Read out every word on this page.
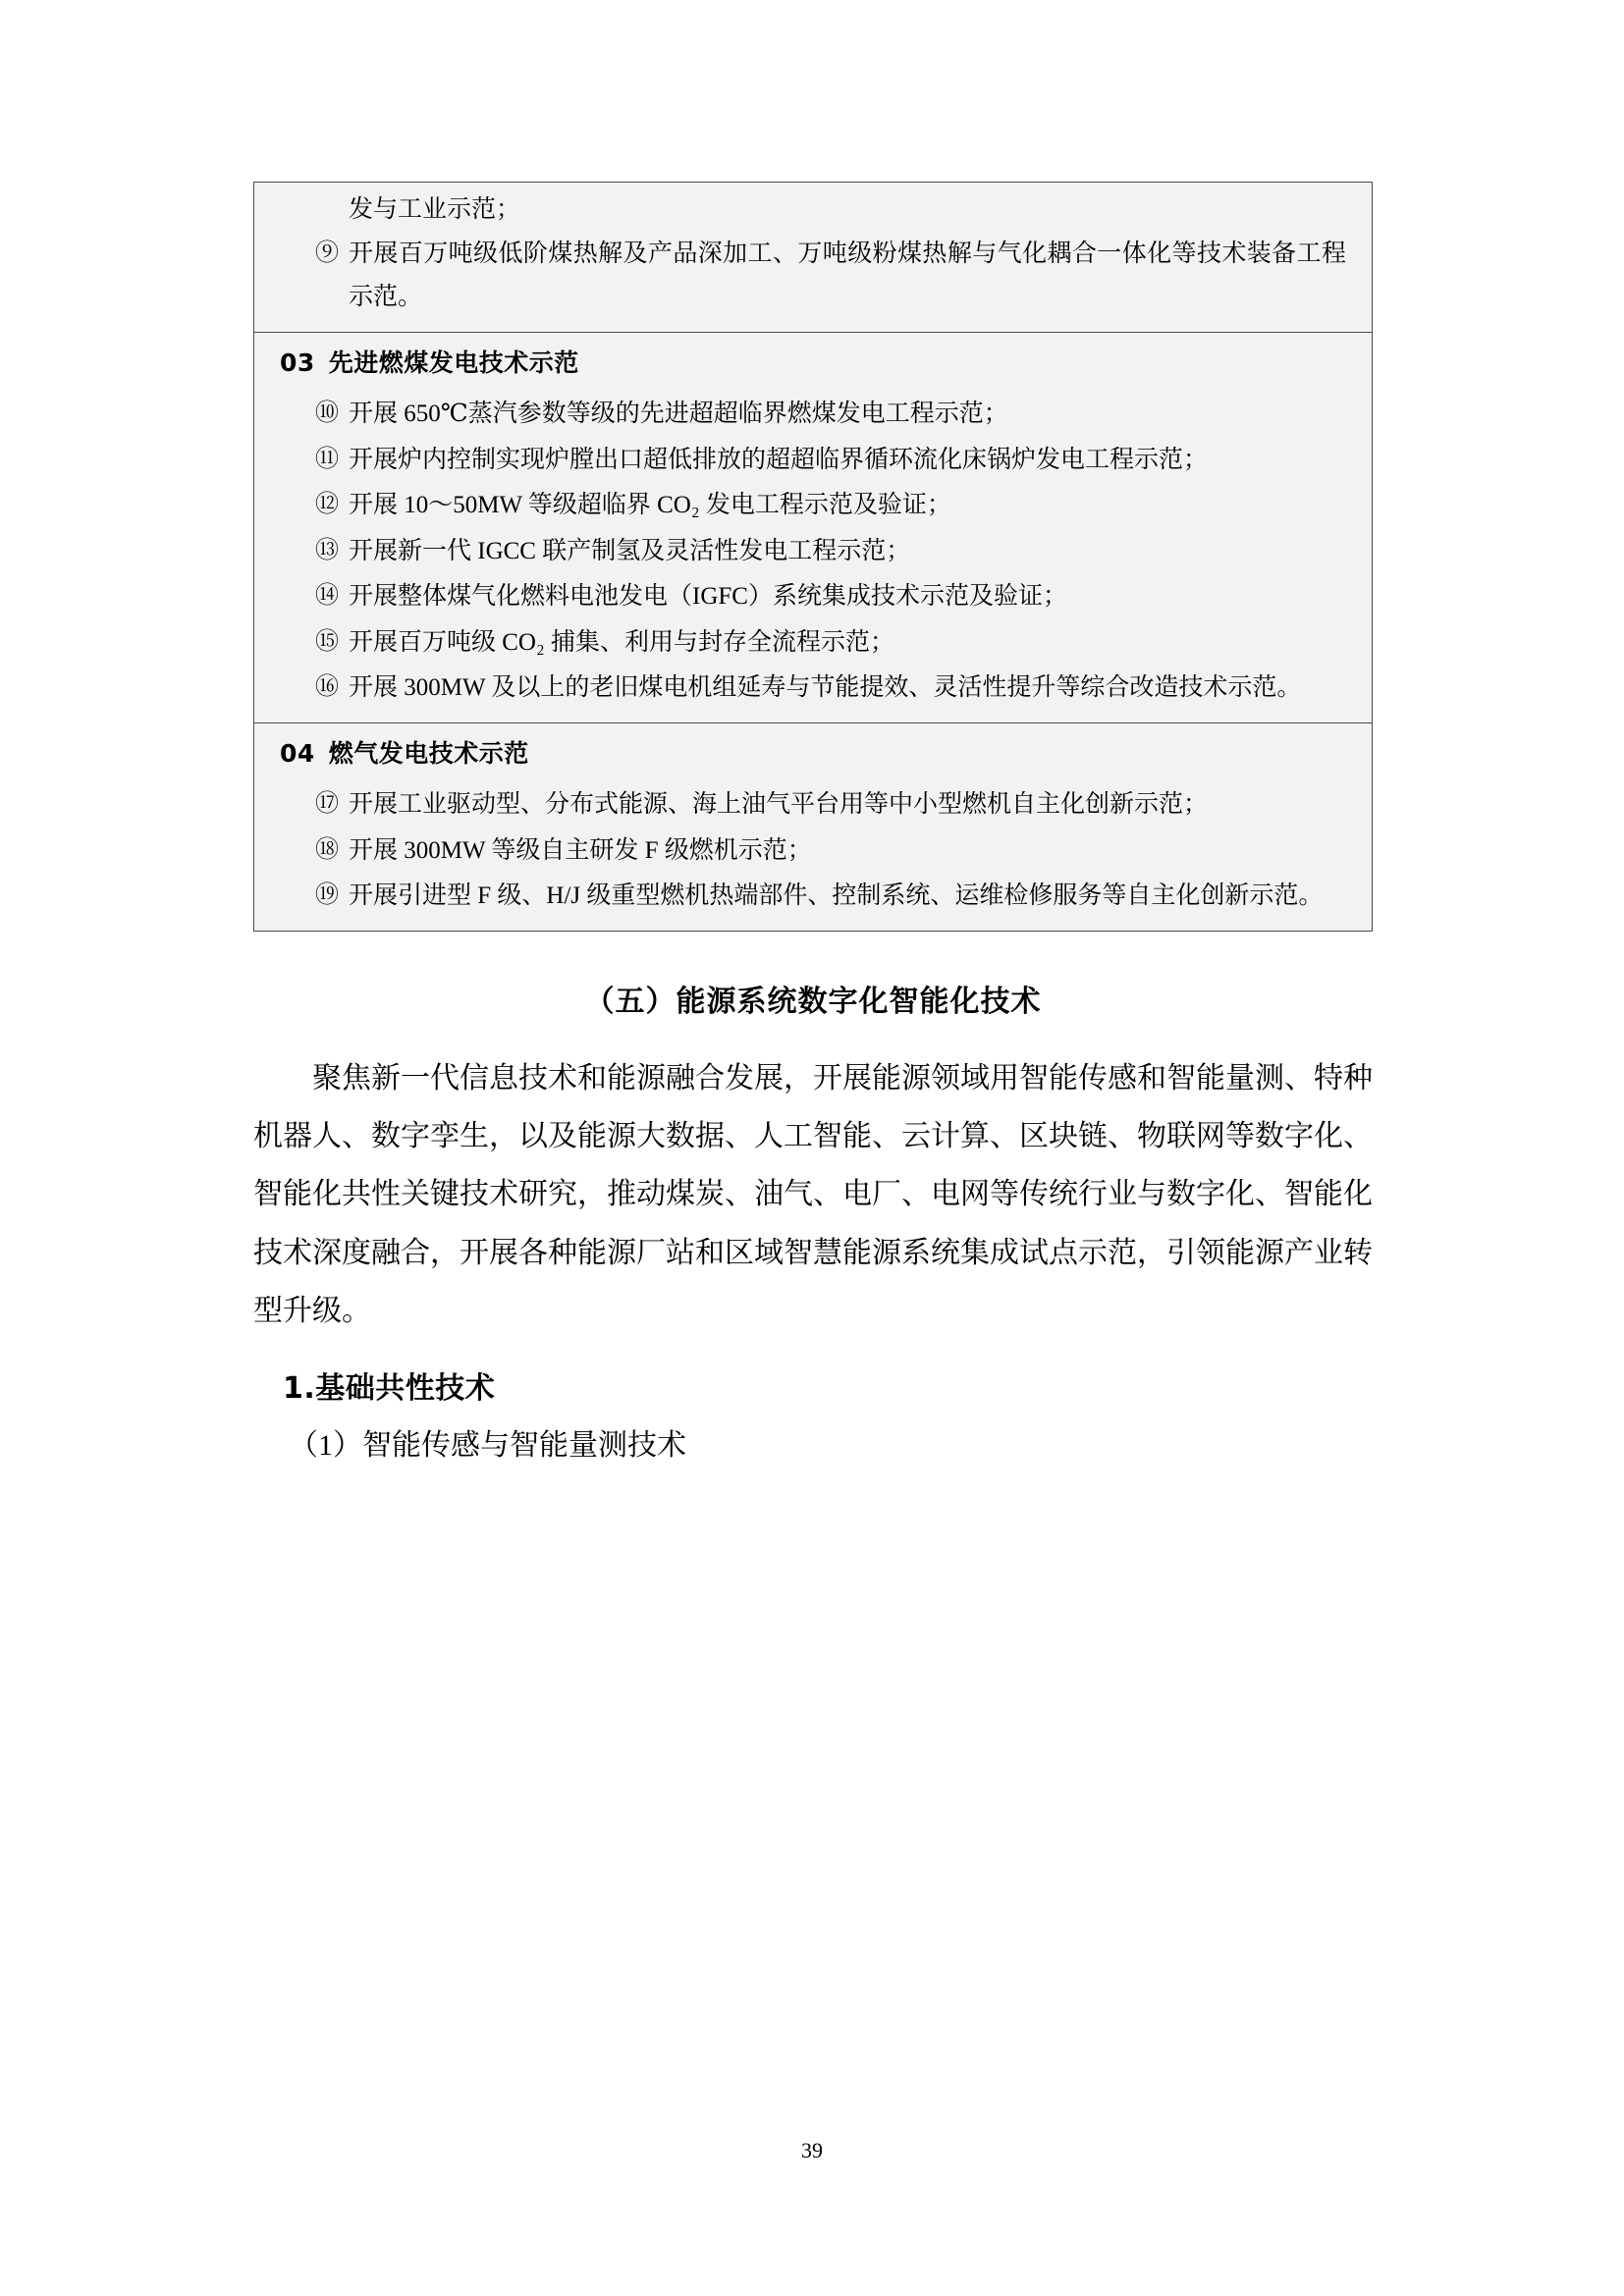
发与工业示范；
⑨ 开展百万吨级低阶煤热解及产品深加工、万吨级粉煤热解与气化耦合一体化等技术装备工程示范。

03 先进燃煤发电技术示范
⑩ 开展 650℃蒸汽参数等级的先进超超临界燃煤发电工程示范；
⑪ 开展炉内控制实现炉膛出口超低排放的超超临界循环流化床锅炉发电工程示范；
⑫ 开展 10～50MW 等级超临界 CO₂ 发电工程示范及验证；
⑬ 开展新一代 IGCC 联产制氢及灵活性发电工程示范；
⑭ 开展整体煤气化燃料电池发电（IGFC）系统集成技术示范及验证；
⑮ 开展百万吨级 CO₂ 捕集、利用与封存全流程示范；
⑯ 开展 300MW 及以上的老旧煤电机组延寿与节能提效、灵活性提升等综合改造技术示范。

04 燃气发电技术示范
⑰ 开展工业驱动型、分布式能源、海上油气平台用等中小型燃机自主化创新示范；
⑱ 开展 300MW 等级自主研发 F 级燃机示范；
⑲ 开展引进型 F 级、H/J 级重型燃机热端部件、控制系统、运维检修服务等自主化创新示范。
（五）能源系统数字化智能化技术
聚焦新一代信息技术和能源融合发展，开展能源领域用智能传感和智能量测、特种机器人、数字孪生，以及能源大数据、人工智能、云计算、区块链、物联网等数字化、智能化共性关键技术研究，推动煤炭、油气、电厂、电网等传统行业与数字化、智能化技术深度融合，开展各种能源厂站和区域智慧能源系统集成试点示范，引领能源产业转型升级。
1.基础共性技术
（1）智能传感与智能量测技术
39
